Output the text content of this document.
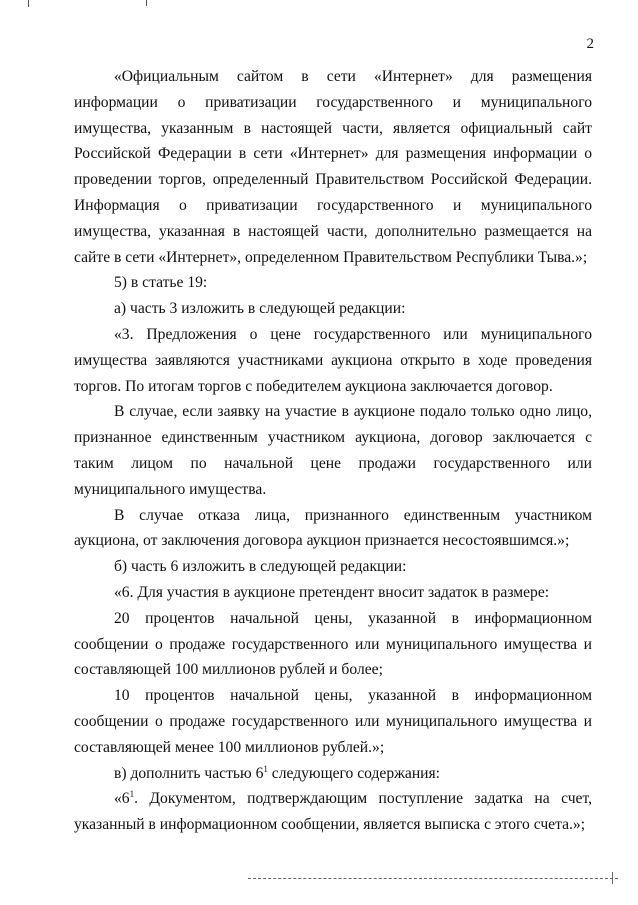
2

«Официальным сайтом в сети «Интернет» для размещения информации о приватизации государственного и муниципального имущества, указанным в настоящей части, является официальный сайт Российской Федерации в сети «Интернет» для размещения информации о проведении торгов, определенный Правительством Российской Федерации. Информация о приватизации государственного и муниципального имущества, указанная в настоящей части, дополнительно размещается на сайте в сети «Интернет», определенном Правительством Республики Тыва.»;

5) в статье 19:

а) часть 3 изложить в следующей редакции:

«3. Предложения о цене государственного или муниципального имущества заявляются участниками аукциона открыто в ходе проведения торгов. По итогам торгов с победителем аукциона заключается договор.

В случае, если заявку на участие в аукционе подало только одно лицо, признанное единственным участником аукциона, договор заключается с таким лицом по начальной цене продажи государственного или муниципального имущества.

В случае отказа лица, признанного единственным участником аукциона, от заключения договора аукцион признается несостоявшимся.»;

б) часть 6 изложить в следующей редакции:

«6. Для участия в аукционе претендент вносит задаток в размере:

20 процентов начальной цены, указанной в информационном сообщении о продаже государственного или муниципального имущества и составляющей 100 миллионов рублей и более;

10 процентов начальной цены, указанной в информационном сообщении о продаже государственного или муниципального имущества и составляющей менее 100 миллионов рублей.»;

в) дополнить частью $6^1$ следующего содержания:

«$6^1$. Документом, подтверждающим поступление задатка на счет, указанный в информационном сообщении, является выписка с этого счета.»;
